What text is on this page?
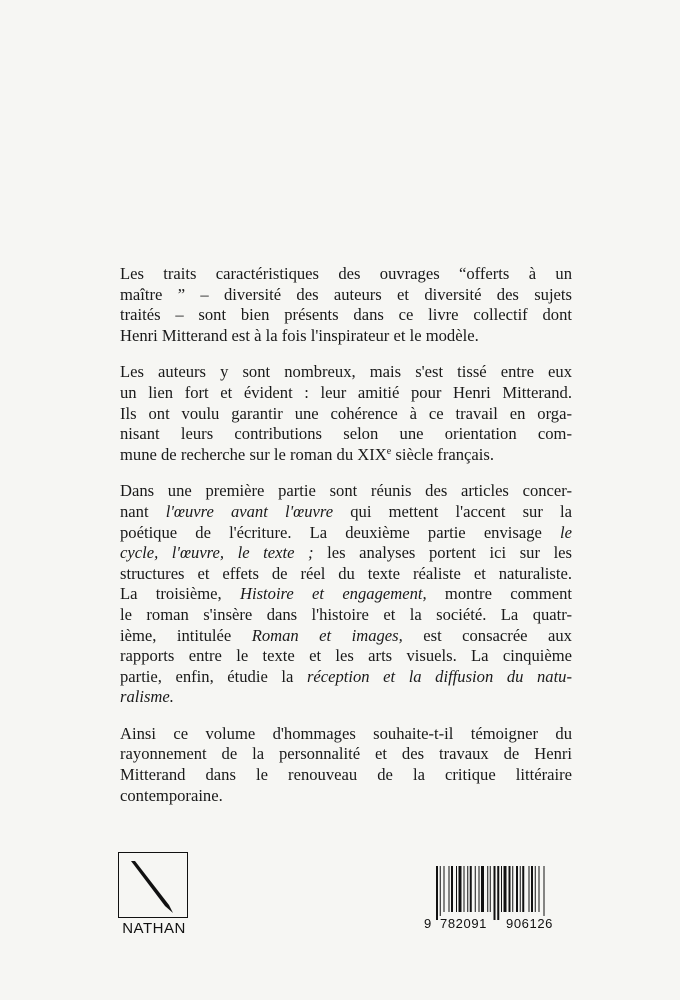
Les traits caractéristiques des ouvrages “offerts à un
maître ” – diversité des auteurs et diversité des sujets
traités – sont bien présents dans ce livre collectif dont
Henri Mitterand est à la fois l'inspirateur et le modèle.

Les auteurs y sont nombreux, mais s'est tissé entre eux
un lien fort et évident : leur amitié pour Henri Mitterand.
Ils ont voulu garantir une cohérence à ce travail en orga-
nisant leurs contributions selon une orientation com-
mune de recherche sur le roman du XIXe siècle français.

Dans une première partie sont réunis des articles concer-
nant l'œuvre avant l'œuvre qui mettent l'accent sur la
poétique de l'écriture. La deuxième partie envisage le
cycle, l'œuvre, le texte ; les analyses portent ici sur les
structures et effets de réel du texte réaliste et naturaliste.
La troisième, Histoire et engagement, montre comment
le roman s'insère dans l'histoire et la société. La quatr-
ième, intitulée Roman et images, est consacrée aux
rapports entre le texte et les arts visuels. La cinquième
partie, enfin, étudie la réception et la diffusion du natu-
ralisme.

Ainsi ce volume d'hommages souhaite-t-il témoigner du
rayonnement de la personnalité et des travaux de Henri
Mitterand dans le renouveau de la critique littéraire
contemporaine.

NATHAN	9 782091 906126
